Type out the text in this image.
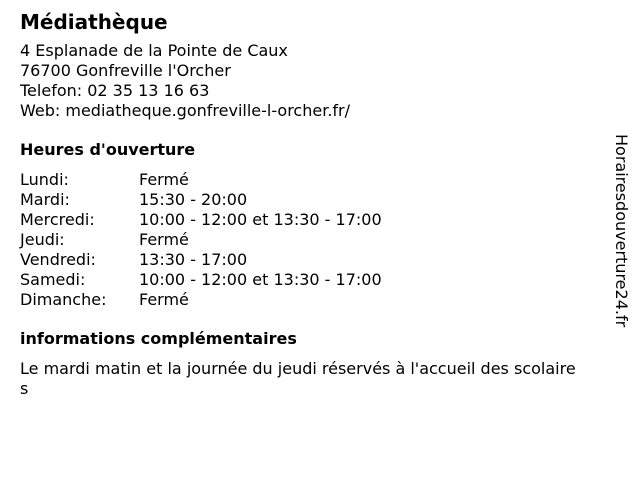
Médiathèque
4 Esplanade de la Pointe de Caux
76700 Gonfreville l'Orcher
Telefon: 02 35 13 16 63
Web: mediatheque.gonfreville-l-orcher.fr/
Heures d'ouverture
Lundi:	Fermé
Mardi:	15:30 - 20:00
Mercredi:	10:00 - 12:00 et 13:30 - 17:00
Jeudi:	Fermé
Vendredi:	13:30 - 17:00
Samedi:	10:00 - 12:00 et 13:30 - 17:00
Dimanche:	Fermé
informations complémentaires
Le mardi matin et la journée du jeudi réservés à l'accueil des scolaires
Horairesdouverture24.fr
